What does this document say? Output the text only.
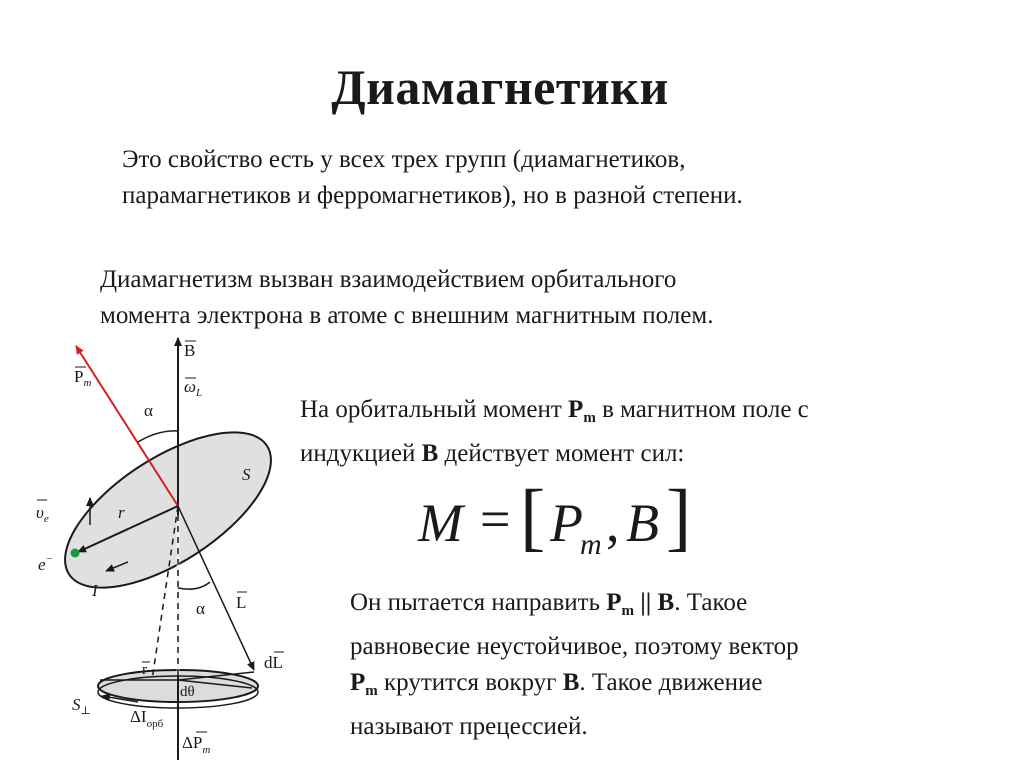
Диамагнетики
Это свойство есть у всех трех групп (диамагнетиков,
парамагнетиков и ферромагнетиков), но в разной степени.
Диамагнетизм вызван взаимодействием орбитального
момента электрона в атоме с внешним магнитным полем.
На орбитальный момент $P_m$ в магнитном поле с
индукцией B действует момент сил:
M = [ P
m , B ]
Он пытается направить $P_m$ || B. Такое
равновесие неустойчивое, поэтому вектор
$P_m$ крутится вокруг B. Такое движение
называют прецессией.
B
$\omega_L$
$P_m$
α
S
r
$\upsilon_e$
e−
I
α L
dL
r
dθ
$S_\perp$ $\Delta I_{орб}$
$\Delta P_m$
